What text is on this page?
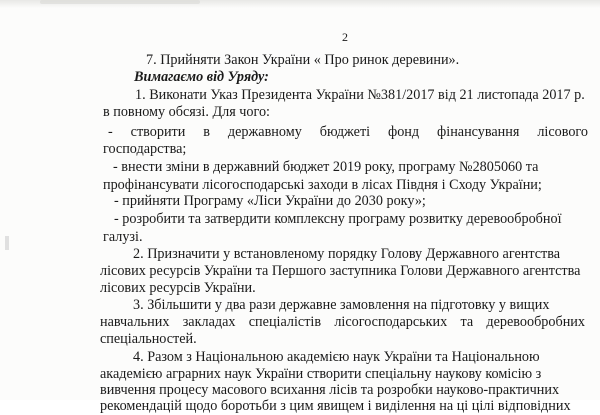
2
7. Прийняти Закон України « Про ринок деревини».
Вимагаємо від Уряду:
1. Виконати Указ Президента України №381/2017 від 21 листопада 2017 р.
в повному обсязі. Для чого:
- створити в державному бюджеті фонд фінансування лісового
господарства;
- внести зміни в державний бюджет 2019 року, програму №2805060 та
профінансувати лісогосподарські заходи в лісах Півдня і Сходу України;
- прийняти Програму «Ліси України до 2030 року»;
- розробити та затвердити комплексну програму розвитку деревообробної
галузі.
2. Призначити у встановленому порядку Голову Державного агентства
лісових ресурсів України та Першого заступника Голови Державного агентства
лісових ресурсів України.
3. Збільшити у два рази державне замовлення на підготовку у вищих
навчальних закладах спеціалістів лісогосподарських та деревообробних
спеціальностей.
4. Разом з Національною академією наук України та Національною
академією аграрних наук України створити спеціальну наукову комісію з
вивчення процесу масового всихання лісів та розробки науково-практичних
рекомендацій щодо боротьби з цим явищем і виділення на ці цілі відповідних
